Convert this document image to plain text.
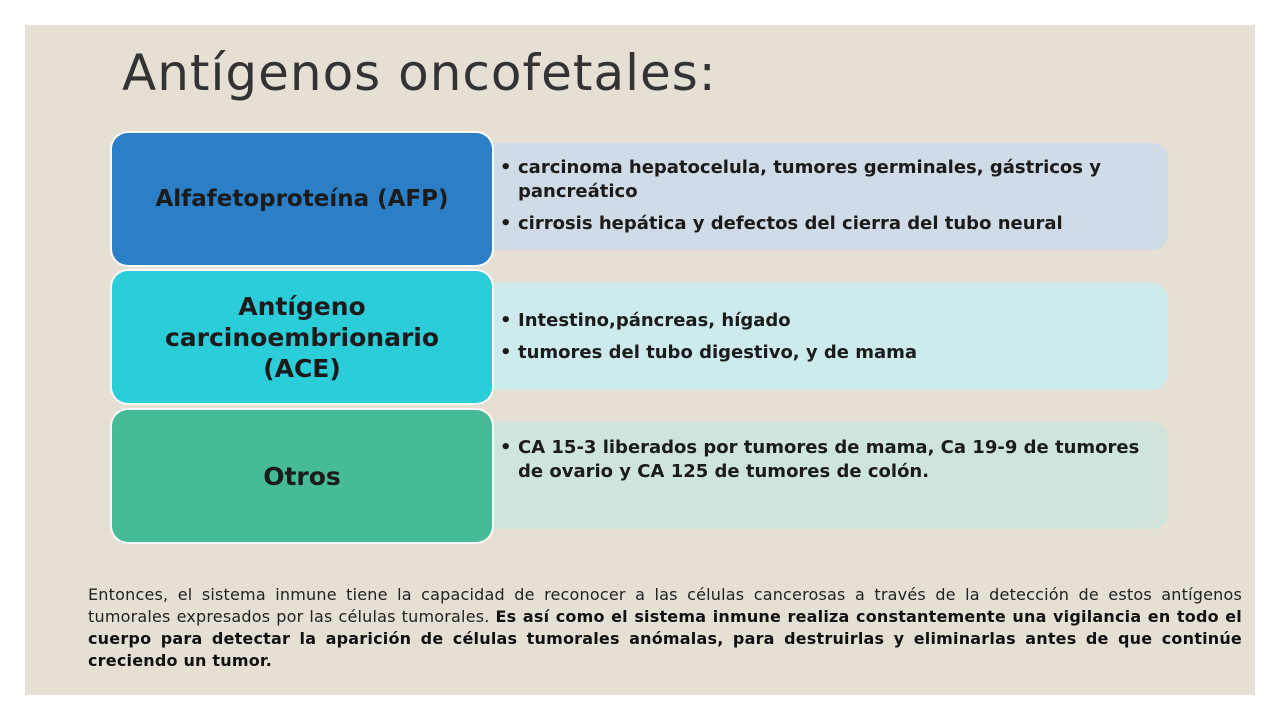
Antígenos oncofetales:
Alfafetoproteína (AFP)
• carcinoma hepatocelula, tumores germinales, gástricos y pancreático
• cirrosis hepática y defectos del cierra del tubo neural
Antígeno
carcinoembrionario
(ACE)
• Intestino,páncreas, hígado
• tumores del tubo digestivo, y de mama
Otros
• CA 15-3 liberados por tumores de mama, Ca 19-9 de tumores de ovario y CA 125 de tumores de colón.

Entonces, el sistema inmune tiene la capacidad de reconocer a las células cancerosas a través de la detección de estos antígenos tumorales expresados por las células tumorales. Es así como el sistema inmune realiza constantemente una vigilancia en todo el cuerpo para detectar la aparición de células tumorales anómalas, para destruirlas y eliminarlas antes de que continúe creciendo un tumor.
